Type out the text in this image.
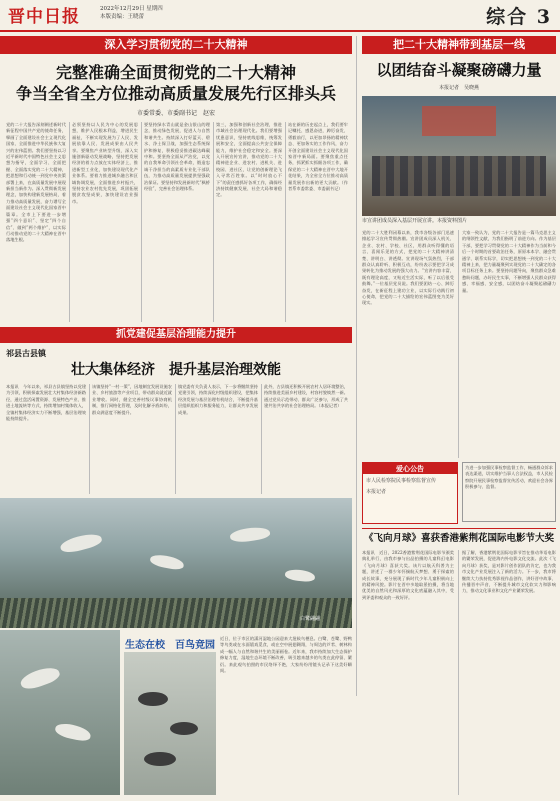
晋中日报	2022年12月29日 星期四
本版责编：王晓蕾	综合 3
深入学习贯彻党的二十大精神
完整准确全面贯彻党的二十大精神
争当全省全方位推动高质量发展先行区排头兵
市委常委、市委副书记　赵宏
党的二十大报告深刻阐述新时代新征程中国共产党的使命任务，擘画了全面建设社会主义现代化国家、全面推进中华民族伟大复兴的宏伟蓝图。我们要坚持以习近平新时代中国特色社会主义思想为指导，全面学习、全面把握、全面落实党的二十大精神，把思想和行动统一到党中央决策部署上来，在高质量发展中展现新担当新作为。深入贯彻新发展理念，加快构建新发展格局，着力推动高质量发展，奋力谱写全面建设社会主义现代化国家晋中篇章。全市上下要进一步增强“四个意识”、坚定“四个自信”、做到“两个维护”，以实际行动推动党的二十大精神在晋中落地生根。
必须坚持以人民为中心的发展思想，维护人民根本利益，增进民生福祉，不断实现发展为了人民、发展依靠人民、发展成果由人民共享。要聚焦产业转型升级，深入实施创新驱动发展战略，坚持把发展经济的着力点放在实体经济上，推进新型工业化，加快建设现代化产业体系。要着力推进城乡融合和区域协调发展，全面推进乡村振兴，坚持农业农村优先发展，巩固拓展脱贫攻坚成果，加快建设农业强市。
要坚持绿水青山就是金山银山的理念，推动绿色发展，促进人与自然和谐共生。持续深入打好蓝天、碧水、净土保卫战，加强生态系统保护和修复，积极稳妥推进碳达峰碳中和。要坚持全面从严治党，以党的自我革命引领社会革命，锻造忠诚干净担当的高素质专业化干部队伍，为推动高质量发展提供坚强政治保证。要坚持和发展新时代“枫桥经验”，完善社会治理体系。
第三，加强和创新社会治理，推进市域社会治理现代化。我们要增强忧患意识，坚持底线思维，统筹发展和安全，全面提高公共安全保障能力，维护社会稳定和安全。要深入开展宣传宣讲，推动党的二十大精神进企业、进农村、进机关、进校园、进社区，让党的创新理论飞入寻常百姓家。以“时时放心不下”的责任感抓好各项工作，确保经济持续健康发展、社会大局和谐稳定。
站在新的历史起点上，我们要牢记嘱托、感恩奋进，踔厉奋发、勇毅前行，以更加昂扬的精神状态、更加务实的工作作风，奋力开创全面建设社会主义现代化国家晋中新局面。要聚焦重点任务，抓紧抓实抓细各项工作，确保党的二十大精神在晋中大地开花结果，为全省全方位推动高质量发展作出新的更大贡献。（作者系市委常委、市委副书记）
把二十大精神带到基层一线
以团结奋斗凝聚磅礴力量
本报记者　吴晓燕
市宣讲团成员深入基层开展宣讲。本报资料图片
党的二十大胜利闭幕以来，我市各级各部门迅速掀起学习宣传贯彻热潮。宣讲团成员深入机关、企业、农村、学校、社区，用群众听得懂的语言、喜闻乐见的方式，把党的二十大精神讲清楚、讲明白、讲透彻。宣讲现场气氛热烈，干部群众认真聆听、积极互动，纷纷表示要把学习成果转化为推动发展的强大动力。“宣讲内容丰富，既有理论高度，又贴近生活实际，听了以后很受鼓舞。”一位基层党员说。我们要团结一心、踔厉奋发，在新征程上建功立业，以实际行动践行初心使命，把党的二十大描绘的宏伟蓝图变为美好现实。
大家一致认为，党的二十大报告是一篇马克思主义的纲领性文献，为我们指明了前进方向。作为基层干部，要把学习贯彻党的二十大精神作为当前和今后一个时期的首要政治任务，原原本本学、融会贯通学、联系实际学，切实把思想统一到党的二十大精神上来，把力量凝聚到实现党的二十大确定的各项目标任务上来。要坚持问题导向，聚焦群众急难愁盼问题，办好民生实事，不断增强人民群众获得感、幸福感、安全感，以团结奋斗凝聚起磅礴力量。
爱心公告
市人民检察院民事检察监督宣传
本报记者
为进一步加强民事检察监督工作，畅通群众诉求表达渠道，切实维护当事人合法权益，市人民检察院开展民事检察监督宣传活动，欢迎社会各界积极参与、监督。
抓党建促基层治理能力提升
祁县古县镇
壮大集体经济　提升基层治理效能
本报讯　今年以来，祁县古县镇坚持以党建为引领，积极探索发展壮大村集体经济新路径，通过盘活闲置资源、发展特色产业、推进土地流转等方式，持续增加村集体收入，全镇村集体经济实力不断增强，基层治理效能持续提升。
该镇坚持“一村一策”，因地制宜发展设施农业、乡村旅游等产业项目，带动群众就近就业增收。同时，健全完善村级议事协商机制，推行网格化管理，及时化解矛盾纠纷，群众满意度不断提升。
镇党委有关负责人表示，下一步将继续坚持党建引领，持续深化村级组织建设，把集体经济发展与基层治理有机结合，不断提升基层组织组织力和服务能力，让群众共享发展成果。
此外，古县镇还积极开展农村人居环境整治，持续推进美丽乡村建设，村容村貌焕然一新。通过党员示范带动、群众广泛参与，形成了共建共治共享的社会治理格局。（本报记者）
白鹭翩翩
生态在校　百鸟竞园
近日，位于市区的潇河湿地公园迎来大批候鸟栖息。白鹭、苍鹭、野鸭等鸟类或在水面嬉戏觅食，或在空中展翅翱翔，与周边的芦苇、树林构成一幅人与自然和谐共生的美丽画卷。近年来，我市持续加大生态保护修复力度，湿地生态环境不断改善，吸引越来越多的鸟类在此停留、繁衍。来此观鸟拍照的市民络绎不绝，大家纷纷用镜头记录下这美好瞬间。
《飞向月球》喜获香港紫荆花国际电影节大奖
本报讯　近日，2022香港紫荆花国际电影节颁奖典礼举行，由我市参与出品拍摄的儿童科幻电影《飞向月球》喜获大奖。该片以航天科普为主题，讲述了一群少年怀揣航天梦想、勇于探索的成长故事，充分展现了新时代少年儿童积极向上的精神风貌。影片在晋中多地取景拍摄，将当地优美的自然风光和深厚的文化底蕴融入其中，受到评委和观众的一致好评。
据了解，香港紫荆花国际电影节旨在推动华语电影的繁荣发展，促进海内外电影文化交流。此次《飞向月球》获奖，是对影片创作团队的肯定，也为我市文化产业发展注入了新的活力。下一步，我市将继续大力扶持优秀影视作品创作，讲好晋中故事、传播晋中声音，不断提升城市文化软实力和影响力，推动文化事业和文化产业繁荣发展。
